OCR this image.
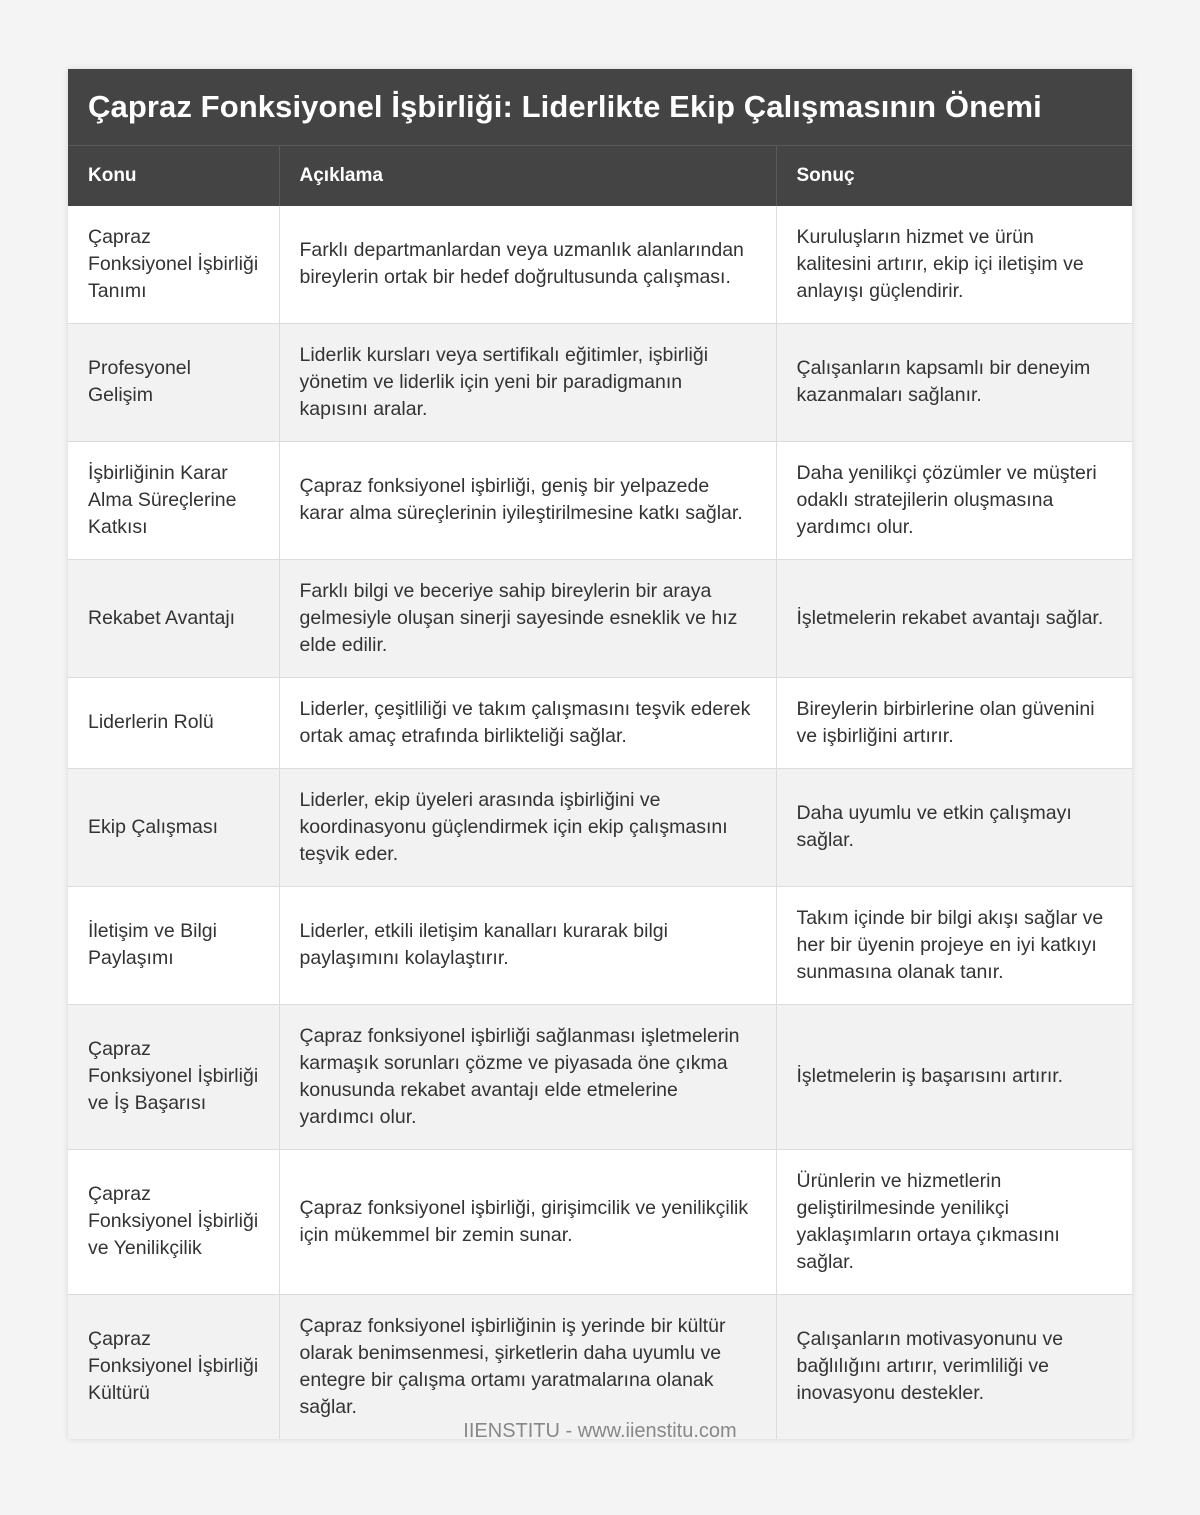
Çapraz Fonksiyonel İşbirliği: Liderlikte Ekip Çalışmasının Önemi
Konu	Açıklama	Sonuç
Çapraz Fonksiyonel İşbirliği Tanımı	Farklı departmanlardan veya uzmanlık alanlarından bireylerin ortak bir hedef doğrultusunda çalışması.	Kuruluşların hizmet ve ürün kalitesini artırır, ekip içi iletişim ve anlayışı güçlendirir.
Profesyonel Gelişim	Liderlik kursları veya sertifikalı eğitimler, işbirliği yönetim ve liderlik için yeni bir paradigmanın kapısını aralar.	Çalışanların kapsamlı bir deneyim kazanmaları sağlanır.
İşbirliğinin Karar Alma Süreçlerine Katkısı	Çapraz fonksiyonel işbirliği, geniş bir yelpazede karar alma süreçlerinin iyileştirilmesine katkı sağlar.	Daha yenilikçi çözümler ve müşteri odaklı stratejilerin oluşmasına yardımcı olur.
Rekabet Avantajı	Farklı bilgi ve beceriye sahip bireylerin bir araya gelmesiyle oluşan sinerji sayesinde esneklik ve hız elde edilir.	İşletmelerin rekabet avantajı sağlar.
Liderlerin Rolü	Liderler, çeşitliliği ve takım çalışmasını teşvik ederek ortak amaç etrafında birlikteliği sağlar.	Bireylerin birbirlerine olan güvenini ve işbirliğini artırır.
Ekip Çalışması	Liderler, ekip üyeleri arasında işbirliğini ve koordinasyonu güçlendirmek için ekip çalışmasını teşvik eder.	Daha uyumlu ve etkin çalışmayı sağlar.
İletişim ve Bilgi Paylaşımı	Liderler, etkili iletişim kanalları kurarak bilgi paylaşımını kolaylaştırır.	Takım içinde bir bilgi akışı sağlar ve her bir üyenin projeye en iyi katkıyı sunmasına olanak tanır.
Çapraz Fonksiyonel İşbirliği ve İş Başarısı	Çapraz fonksiyonel işbirliği sağlanması işletmelerin karmaşık sorunları çözme ve piyasada öne çıkma konusunda rekabet avantajı elde etmelerine yardımcı olur.	İşletmelerin iş başarısını artırır.
Çapraz Fonksiyonel İşbirliği ve Yenilikçilik	Çapraz fonksiyonel işbirliği, girişimcilik ve yenilikçilik için mükemmel bir zemin sunar.	Ürünlerin ve hizmetlerin geliştirilmesinde yenilikçi yaklaşımların ortaya çıkmasını sağlar.
Çapraz Fonksiyonel İşbirliği Kültürü	Çapraz fonksiyonel işbirliğinin iş yerinde bir kültür olarak benimsenmesi, şirketlerin daha uyumlu ve entegre bir çalışma ortamı yaratmalarına olanak sağlar.	Çalışanların motivasyonunu ve bağlılığını artırır, verimliliği ve inovasyonu destekler.
IIENSTITU - www.iienstitu.com
